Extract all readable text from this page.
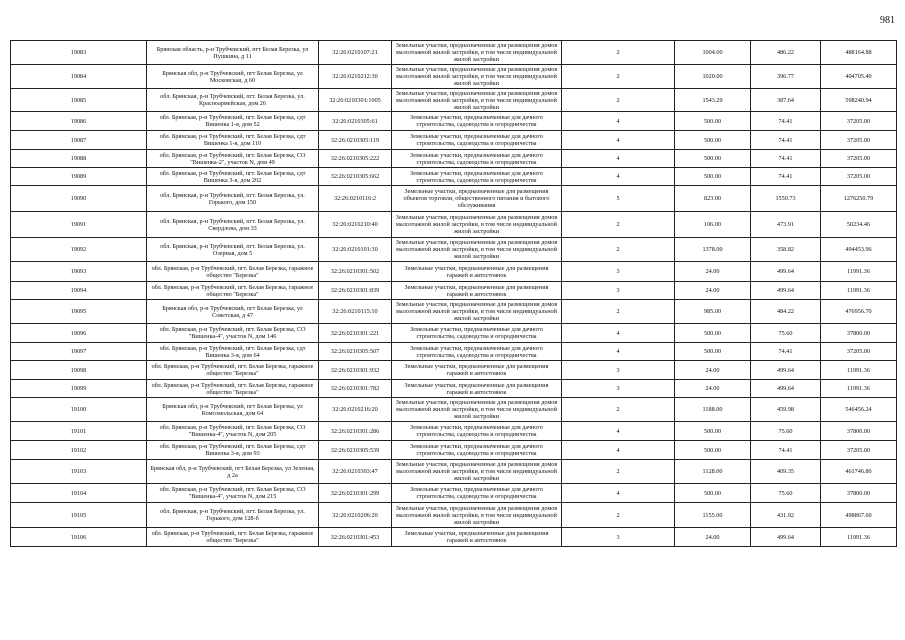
981
19083	Брянская область, р-н Трубчевский, пгт Белая Березка, ул Пушкина, д 11	32:26:0210107:21	Земельные участки, предназначенные для размещения домов малоэтажной жилой застройки, в том числе индивидуальной жилой застройки	2	1004.00	486.22	488164.88
19084	Брянская обл, р-н Трубчевский, пгт Белая Березка, ул Московская, д 60	32:26:0210212:30	Земельные участки, предназначенные для размещения домов малоэтажной жилой застройки, в том числе индивидуальной жилой застройки	2	1020.00	396.77	404705.40
19085	обл. Брянская, р-н Трубчевский, пгт. Белая Березка, ул. Красноармейская, дом 26	32:26:0210301:1005	Земельные участки, предназначенные для размещения домов малоэтажной жилой застройки, в том числе индивидуальной жилой застройки	2	1543.29	387.64	598240.94
19086	обл. Брянская, р-н Трубчевский, пгт. Белая Березка, сдт Вишенка 1-я, дом 52	32:26:0210305:61	Земельные участки, предназначенные для дачного строительства, садоводства и огородничества	4	500.00	74.41	37205.00
19087	обл. Брянская, р-н Трубчевский, пгт. Белая Березка, сдт Вишенка 1-я, дом 110	32:26:0210305:119	Земельные участки, предназначенные для дачного строительства, садоводства и огородничества	4	500.00	74.41	37205.00
19088	обл. Брянская, р-н Трубчевский, пгт. Белая Березка, СО "Вишенка-2", участок N, дом 49	32:26:0210305:222	Земельные участки, предназначенные для дачного строительства, садоводства и огородничества	4	500.00	74.41	37205.00
19089	обл. Брянская, р-н Трубчевский, пгт. Белая Березка, сдт Вишенка 3-я, дом 202	32:26:0210305:662	Земельные участки, предназначенные для дачного строительства, садоводства и огородничества	4	500.00	74.41	37205.00
19090	обл. Брянская, р-н Трубчевский, пгт. Белая Березка, ул. Горького, дом 150	32:26:0210116:2	Земельные участки, предназначенные для размещения объектов торговли, общественного питания и бытового обслуживания	5	823.00	1550.73	1276250.79
19091	обл. Брянская, р-н Трубчевский, пгт. Белая Березка, ул. Свердлова, дом 33	32:26:0210210:40	Земельные участки, предназначенные для размещения домов малоэтажной жилой застройки, в том числе индивидуальной жилой застройки	2	106.00	473.91	50234.46
19092	обл. Брянская, р-н Трубчевский, пгт. Белая Березка, ул. Озерная, дом 5	32:26:0210101:30	Земельные участки, предназначенные для размещения домов малоэтажной жилой застройки, в том числе индивидуальной жилой застройки	2	1378.00	358.82	494453.96
19093	обл. Брянская, р-н Трубчевский, пгт. Белая Березка, гаражное общество "Березка"	32:26:0210301:502	Земельные участки, предназначенные для размещения гаражей и автостоянок	3	24.00	499.64	11991.36
19094	обл. Брянская, р-н Трубчевский, пгт. Белая Березка, гаражное общество "Березка"	32:26:0210301:839	Земельные участки, предназначенные для размещения гаражей и автостоянок	3	24.00	499.64	11991.36
19095	Брянская обл, р-н Трубчевский, пгт Белая Березка, ул Советская, д 47	32:26:0210115:10	Земельные участки, предназначенные для размещения домов малоэтажной жилой застройки, в том числе индивидуальной жилой застройки	2	985.00	484.22	476956.70
19096	обл. Брянская, р-н Трубчевский, пгт. Белая Березка, СО "Вишенка-4", участок N, дом 146	32:26:0210301:221	Земельные участки, предназначенные для дачного строительства, садоводства и огородничества	4	500.00	75.60	37800.00
19097	обл. Брянская, р-н Трубчевский, пгт. Белая Березка, сдт Вишенка 3-я, дом 64	32:26:0210305:507	Земельные участки, предназначенные для дачного строительства, садоводства и огородничества	4	500.00	74.41	37205.00
19098	обл. Брянская, р-н Трубчевский, пгт. Белая Березка, гаражное общество "Березка"	32:26:0210301:932	Земельные участки, предназначенные для размещения гаражей и автостоянок	3	24.00	499.64	11991.36
19099	обл. Брянская, р-н Трубчевский, пгт. Белая Березка, гаражное общество "Березка"	32:26:0210301:782	Земельные участки, предназначенные для размещения гаражей и автостоянок	3	24.00	499.64	11991.36
19100	Брянская обл, р-н Трубчевский, пгт Белая Березка, ул Комсомольская, дом 64	32:26:0210216:20	Земельные участки, предназначенные для размещения домов малоэтажной жилой застройки, в том числе индивидуальной жилой застройки	2	1188.00	459.98	546456.24
19101	обл. Брянская, р-н Трубчевский, пгт. Белая Березка, СО "Вишенка-4", участок N, дом 205	32:26:0210301:286	Земельные участки, предназначенные для дачного строительства, садоводства и огородничества	4	500.00	75.60	37800.00
19102	обл. Брянская, р-н Трубчевский, пгт. Белая Березка, сдт Вишенка 3-я, дом 93	32:26:0210305:539	Земельные участки, предназначенные для дачного строительства, садоводства и огородничества	4	500.00	74.41	37205.00
19103	Брянская обл, р-н Трубчевский, пгт Белая Березка, ул Зеленая, д 2а	32:26:0210303:47	Земельные участки, предназначенные для размещения домов малоэтажной жилой застройки, в том числе индивидуальной жилой застройки	2	1128.00	409.35	461746.80
19104	обл. Брянская, р-н Трубчевский, пгт. Белая Березка, СО "Вишенка-4", участок N, дом 215	32:26:0210301:299	Земельные участки, предназначенные для дачного строительства, садоводства и огородничества	4	500.00	75.60	37800.00
19105	обл. Брянская, р-н Трубчевский, пгт. Белая Березка, ул. Горького, дом 128-б	32:26:0210206:20	Земельные участки, предназначенные для размещения домов малоэтажной жилой застройки, в том числе индивидуальной жилой застройки	2	1155.00	431.92	498867.60
19106	обл. Брянская, р-н Трубчевский, пгт. Белая Березка, гаражное общество "Березка"	32:26:0210301:453	Земельные участки, предназначенные для размещения гаражей и автостоянок	3	24.00	499.64	11991.36
